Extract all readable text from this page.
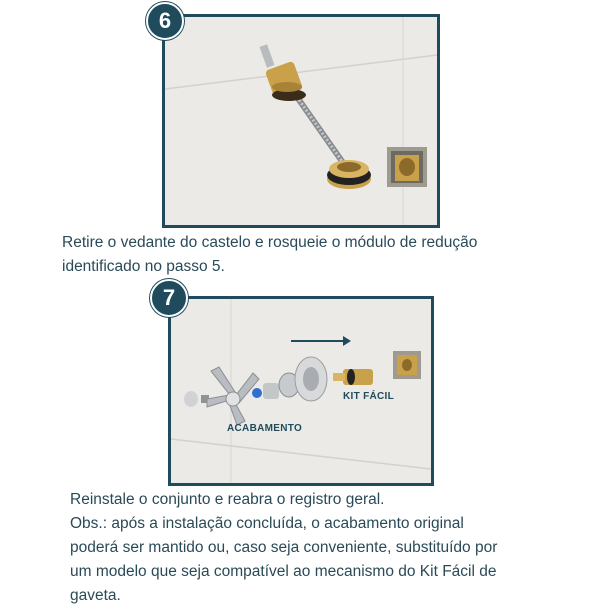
6
Retire o vedante do castelo e rosqueie o módulo de redução
identificado no passo 5.
7
KIT FÁCIL
ACABAMENTO
Reinstale o conjunto e reabra o registro geral.
Obs.: após a instalação concluída, o acabamento original
poderá ser mantido ou, caso seja conveniente, substituído por
um modelo que seja compatível ao mecanismo do Kit Fácil de
gaveta.
